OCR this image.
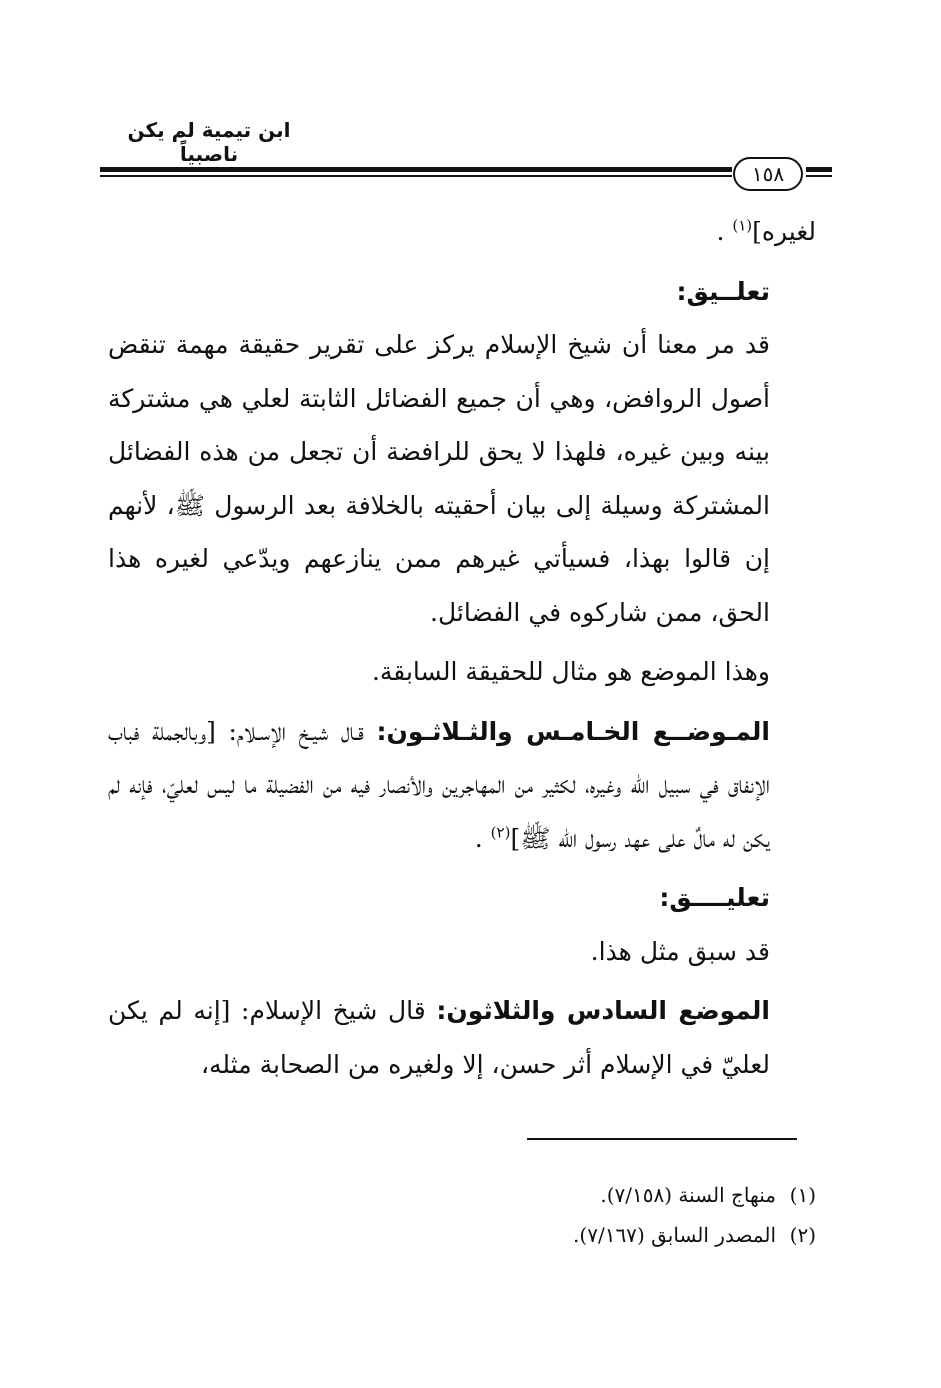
ابن تيمية لم يكن ناصبياً
١٥٨

لغيره]$^{(١)}$ .

تعلــيق:

قد مر معنا أن شيخ الإسلام يركز على تقرير حقيقة مهمة تنقض أصول الروافض، وهي أن جميع الفضائل الثابتة لعلي هي مشتركة بينه وبين غيره، فلهذا لا يحق للرافضة أن تجعل من هذه الفضائل المشتركة وسيلة إلى بيان أحقيته بالخلافة بعد الرسول ﷺ، لأنهم إن قالوا بهذا، فسيأتي غيرهم ممن ينازعهم ويدّعي لغيره هذا الحق، ممن شاركوه في الفضائل.

وهذا الموضع هو مثال للحقيقة السابقة.

المـوضــع الخـامـس والثـلاثـون: قـال شيـخ الإسـلام: [وبالجملة فباب الإنفاق في سبيل الله وغيره، لكثير من المهاجرين والأنصار فيه من الفضيلة ما ليس لعليّ، فإنه لم يكن له مالٌ على عهد رسول الله ﷺ]$^{(٢)}$ .

تعليــــق:

قد سبق مثل هذا.

الموضع السادس والثلاثون: قال شيخ الإسلام: [إنه لم يكن لعليّ في الإسلام أثر حسن، إلا ولغيره من الصحابة مثله،

(١)منهاج السنة (٧/١٥٨).
(٢)المصدر السابق (٧/١٦٧).
